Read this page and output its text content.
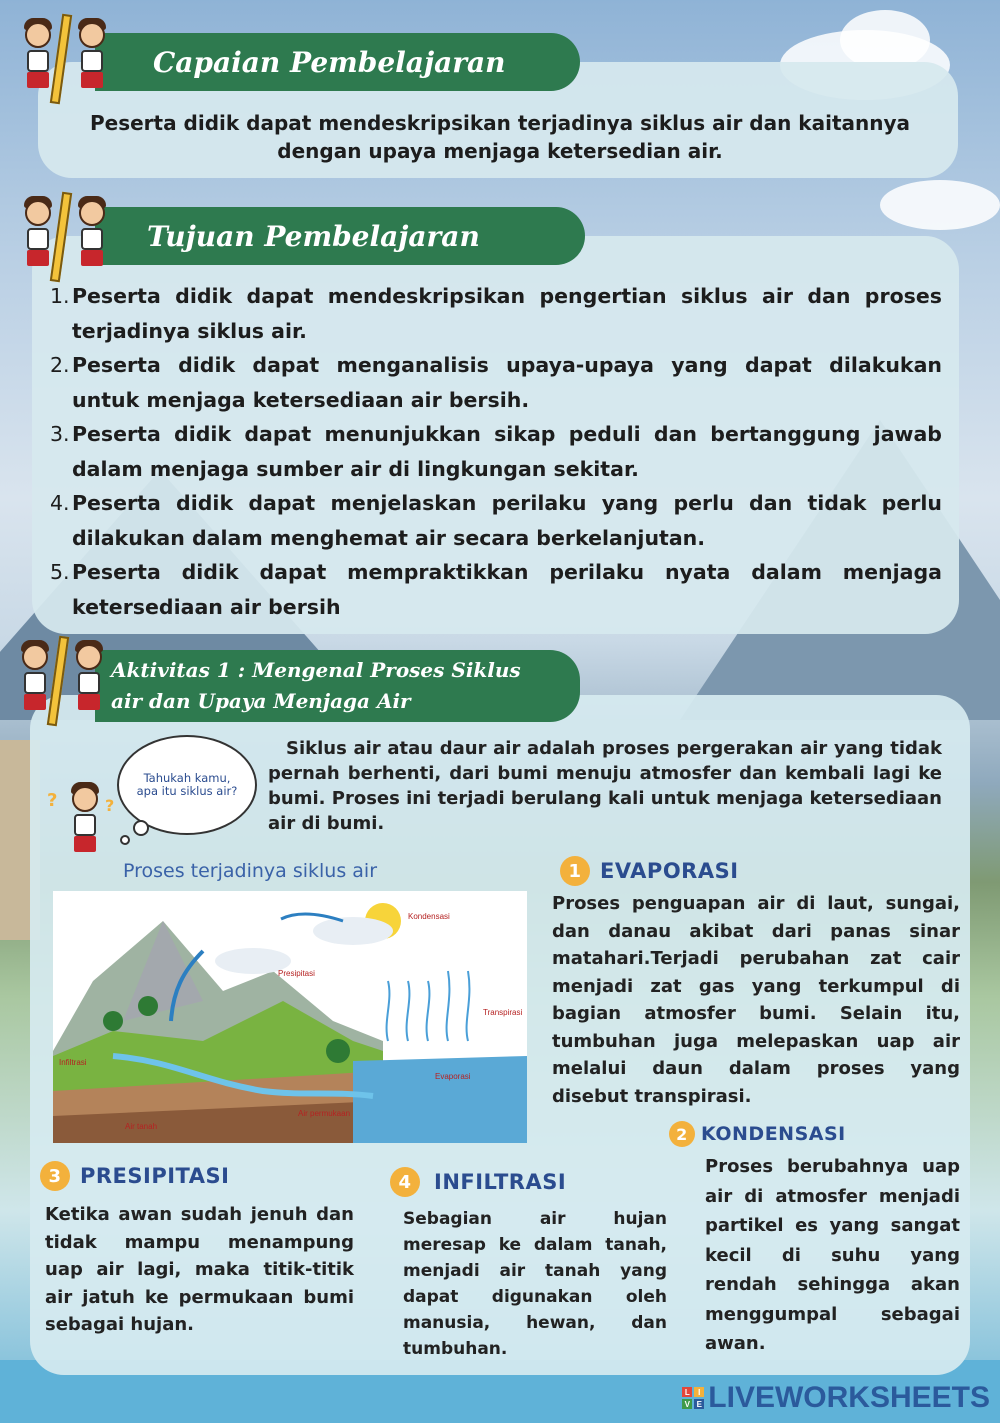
Capaian Pembelajaran
Peserta didik dapat mendeskripsikan terjadinya siklus air dan kaitannya
dengan upaya menjaga ketersedian air.
Tujuan Pembelajaran
1. Peserta didik dapat mendeskripsikan pengertian siklus air dan proses terjadinya siklus air.
2. Peserta didik dapat menganalisis upaya-upaya yang dapat dilakukan untuk menjaga ketersediaan air bersih.
3. Peserta didik dapat menunjukkan sikap peduli dan bertanggung jawab dalam menjaga sumber air di lingkungan sekitar.
4. Peserta didik dapat menjelaskan perilaku yang perlu dan tidak perlu dilakukan dalam menghemat air secara berkelanjutan.
5. Peserta didik dapat mempraktikkan perilaku nyata dalam menjaga ketersediaan air bersih
Aktivitas 1 : Mengenal Proses Siklus
air dan Upaya Menjaga Air
Tahukah kamu, apa itu siklus air?
?	?
Siklus air atau daur air adalah proses pergerakan air yang tidak pernah berhenti, dari bumi menuju atmosfer dan kembali lagi ke bumi. Proses ini terjadi berulang kali untuk menjaga ketersediaan air di bumi.
Proses terjadinya siklus air
Kondensasi
Presipitasi
Transpirasi
Infiltrasi
Evaporasi
Air permukaan
Air tanah
1 EVAPORASI
Proses penguapan air di laut, sungai, dan danau akibat dari panas sinar matahari.Terjadi perubahan zat cair menjadi zat gas yang terkumpul di bagian atmosfer bumi. Selain itu, tumbuhan juga melepaskan uap air melalui daun dalam proses yang disebut transpirasi.
2 KONDENSASI
Proses berubahnya uap air di atmosfer menjadi partikel es yang sangat kecil di suhu yang rendah sehingga akan menggumpal sebagai awan.
3 PRESIPITASI
Ketika awan sudah jenuh dan tidak mampu menampung uap air lagi, maka titik-titik air jatuh ke permukaan bumi sebagai hujan.
4	INFILTRASI
Sebagian air hujan meresap ke dalam tanah, menjadi air tanah yang dapat digunakan oleh manusia, hewan, dan tumbuhan.
L	I
V E LIVEWORKSHEETS
